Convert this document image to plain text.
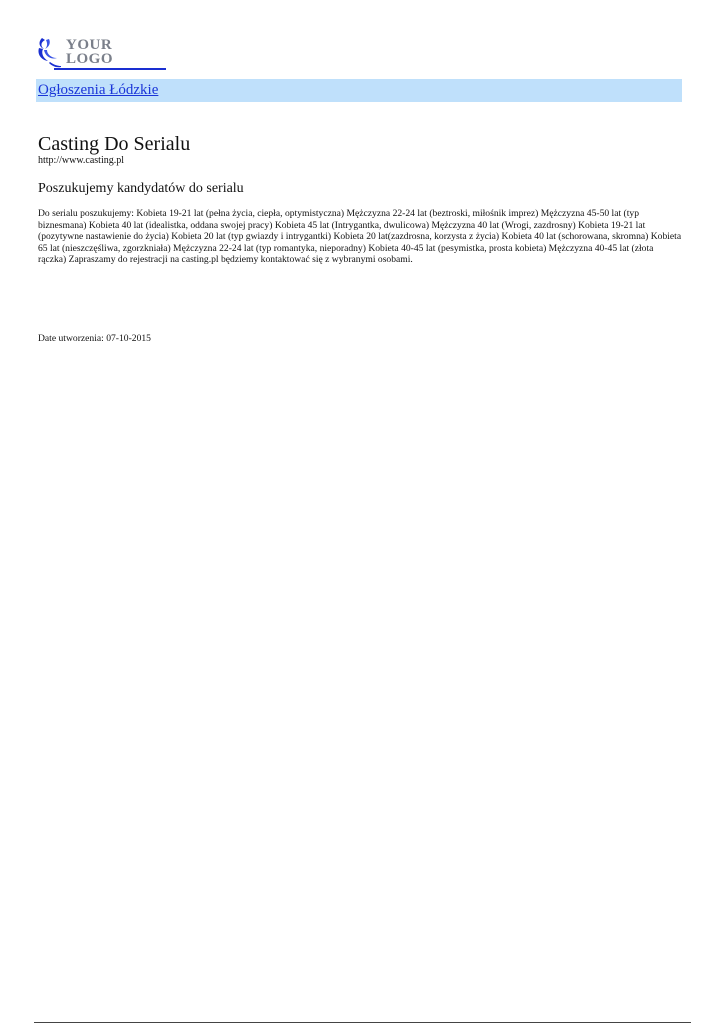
YOUR
LOGO
Ogłoszenia Łódzkie
Casting Do Serialu
http://www.casting.pl
Poszukujemy kandydatów do serialu

Do serialu poszukujemy: Kobieta 19-21 lat (pełna życia, ciepła, optymistyczna) Mężczyzna 22-24 lat (beztroski, miłośnik imprez) Mężczyzna 45-50 lat (typ biznesmana) Kobieta 40 lat (idealistka, oddana swojej pracy) Kobieta 45 lat (Intrygantka, dwulicowa) Mężczyzna 40 lat (Wrogi, zazdrosny) Kobieta 19-21 lat (pozytywne nastawienie do życia) Kobieta 20 lat (typ gwiazdy i intrygantki) Kobieta 20 lat(zazdrosna, korzysta z życia) Kobieta 40 lat (schorowana, skromna) Kobieta 65 lat (nieszczęśliwa, zgorzkniała) Mężczyzna 22-24 lat (typ romantyka, nieporadny) Kobieta 40-45 lat (pesymistka, prosta kobieta) Mężczyzna 40-45 lat (złota rączka) Zapraszamy do rejestracji na casting.pl będziemy kontaktować się z wybranymi osobami.

Date utworzenia: 07-10-2015
